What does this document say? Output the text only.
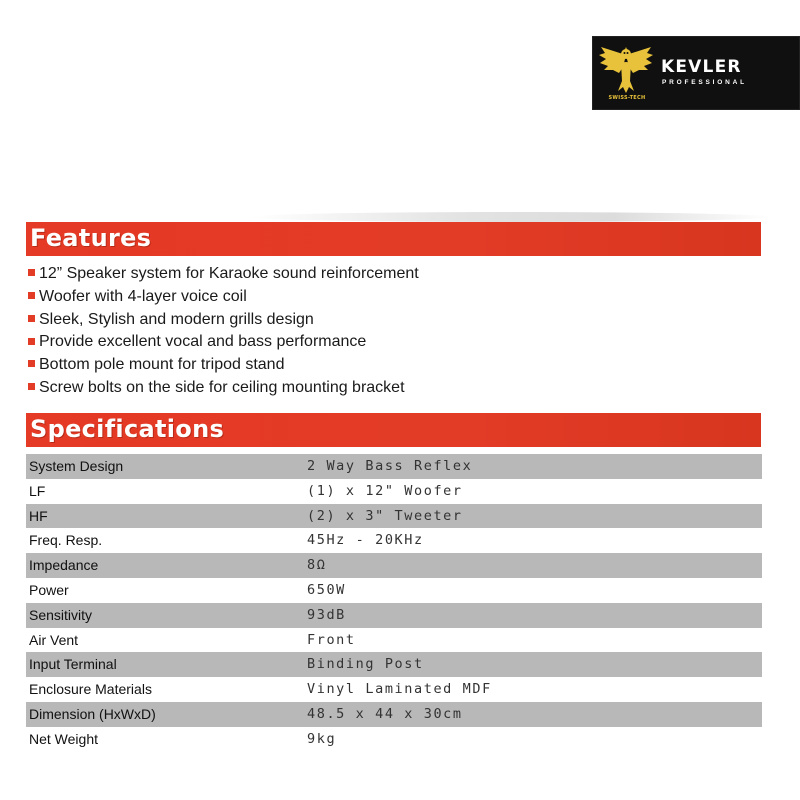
SWISS-TECH
KEVLER
PROFESSIONAL
Features
12” Speaker system for Karaoke sound reinforcement
Woofer with 4-layer voice coil
Sleek, Stylish and modern grills design
Provide excellent vocal and bass performance
Bottom pole mount for tripod stand
Screw bolts on the side for ceiling mounting bracket
Specifications
System Design	2 Way Bass Reflex
LF	(1) x 12" Woofer
HF	(2) x 3" Tweeter
Freq. Resp.	45Hz - 20KHz
Impedance	8Ω
Power	650W
Sensitivity	93dB
Air Vent	Front
Input Terminal	Binding Post
Enclosure Materials	Vinyl Laminated MDF
Dimension (HxWxD)	48.5 x 44 x 30cm
Net Weight	9kg
